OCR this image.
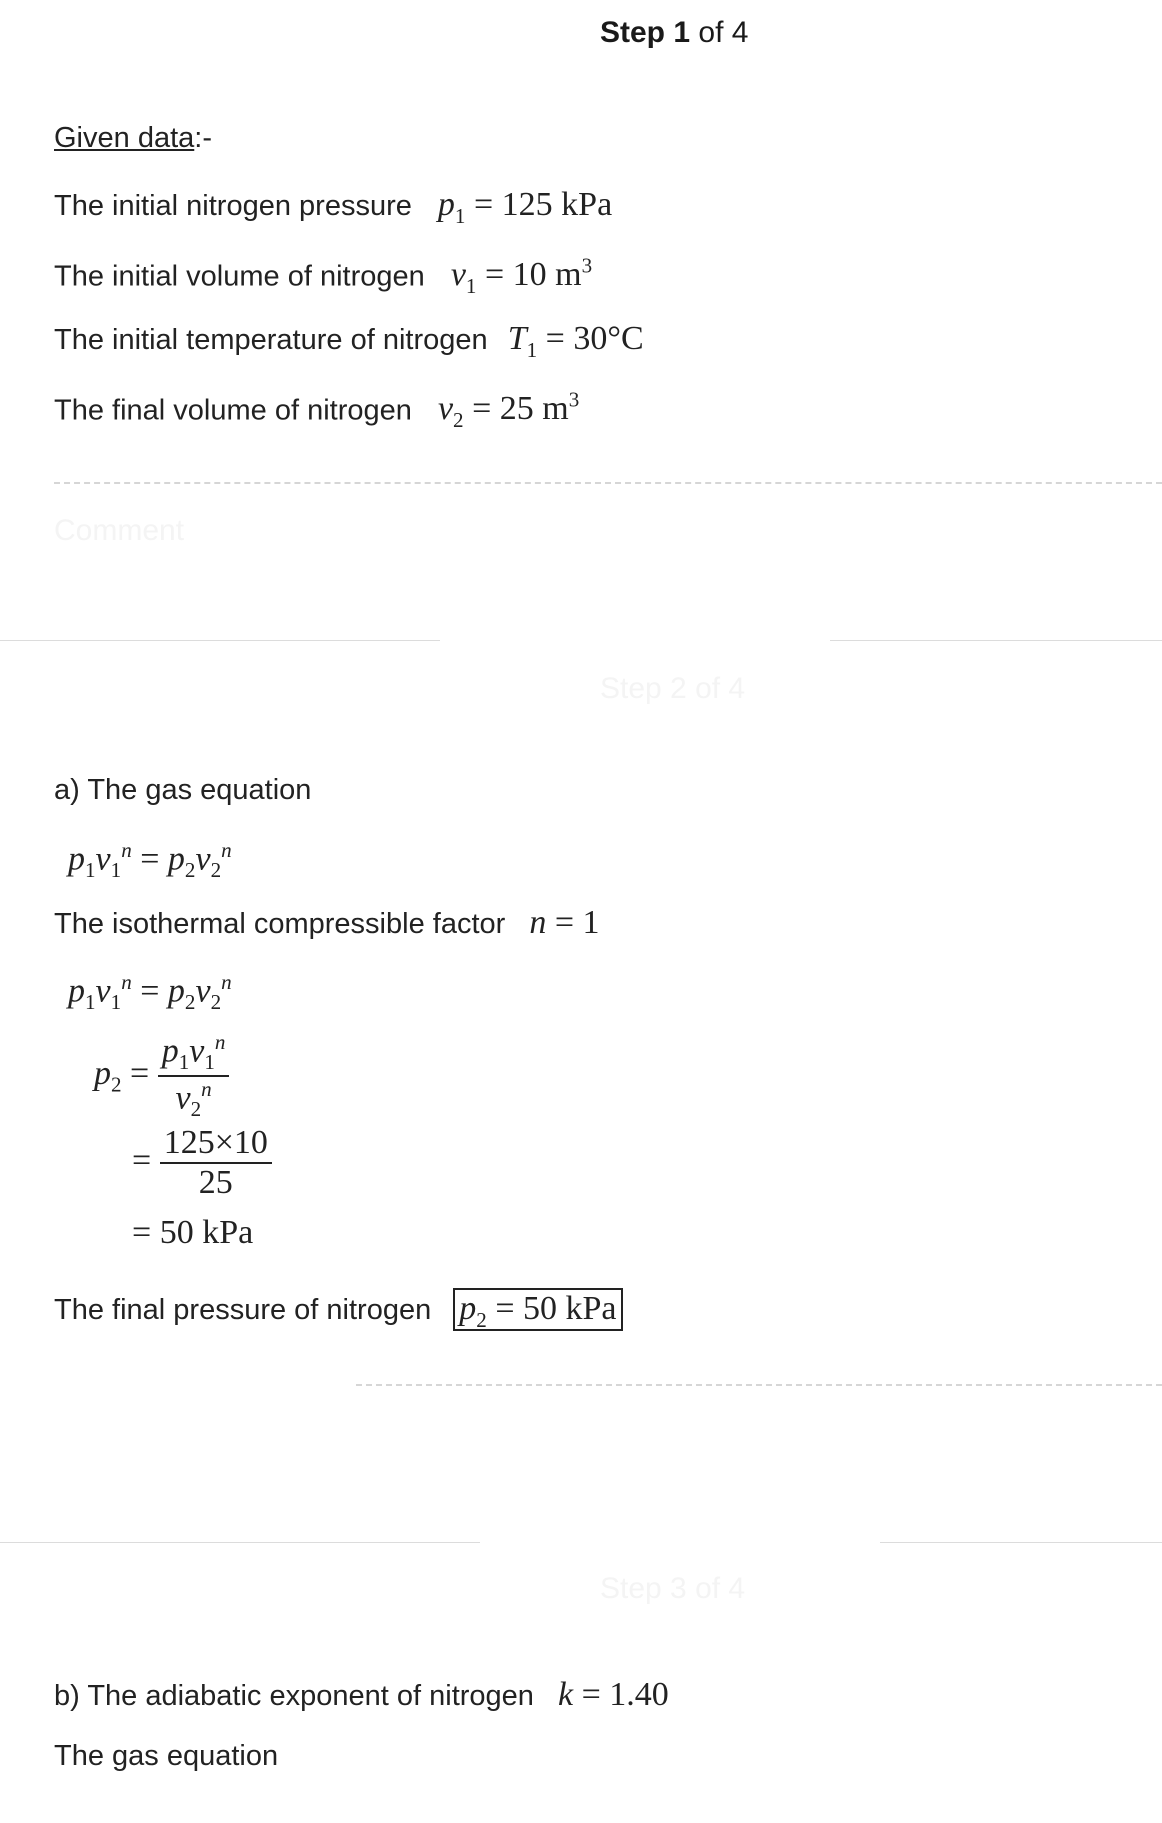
Step 1 of 4
Given data:-
The initial nitrogen pressure $p_1 = 125$ kPa
The initial volume of nitrogen $v_1 = 10$ $m^3$
The initial temperature of nitrogen $T_1 = 30^\circ C$
The final volume of nitrogen $v_2 = 25$ $m^3$
Comment
Step 2 of 4
a) The gas equation
$p_1v_1^n = p_2v_2^n$
The isothermal compressible factor n = 1
$p_1v_1^n = p_2v_2^n$
$p_2 = \frac{p_1v_1^n}{v_2^n}$
= $\frac{125\times 10}{25}$
= 50 kPa
The final pressure of nitrogen $p_2 = 50$ kPa
Step 3 of 4
b) The adiabatic exponent of nitrogen k = 1.40
The gas equation
